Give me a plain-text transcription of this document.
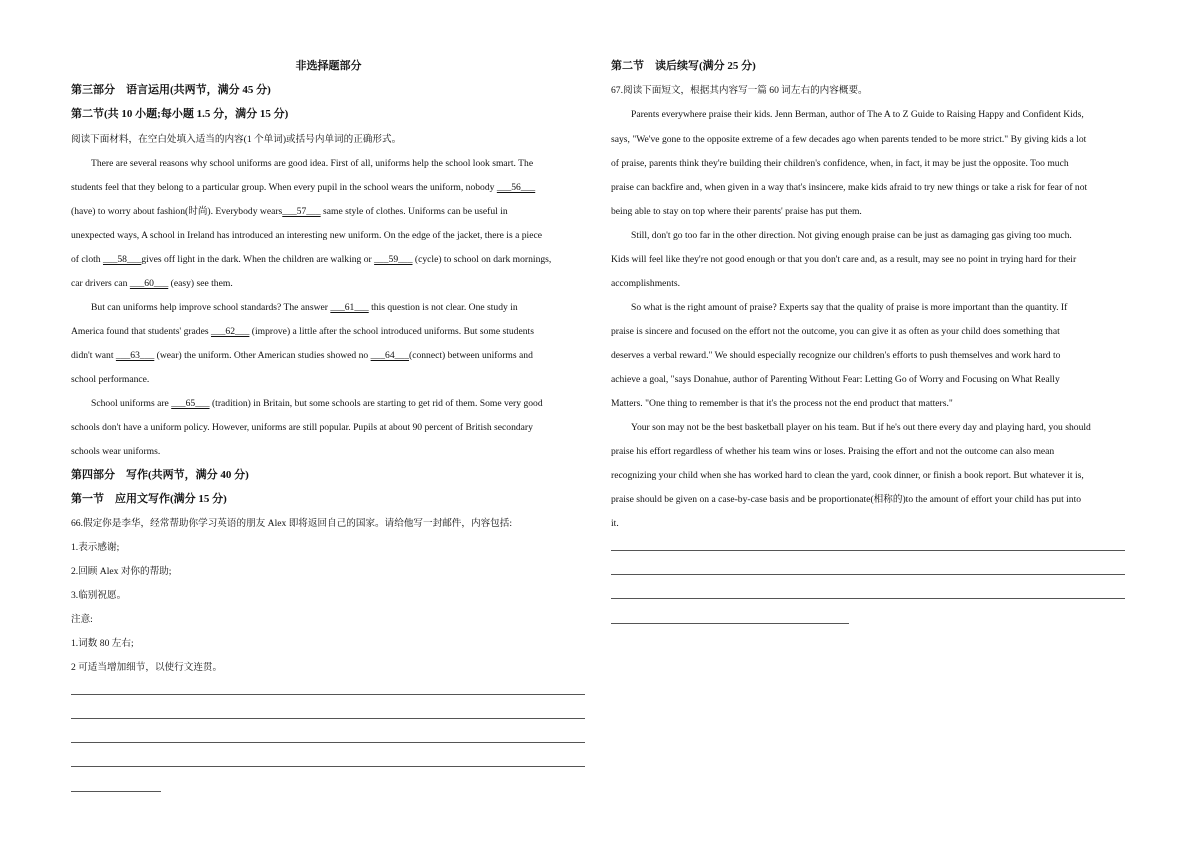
非选择题部分
第三部分　语言运用(共两节，满分 45 分)
第二节(共 10 小题;每小题 1.5 分，满分 15 分)
阅读下面材料，在空白处填入适当的内容(1 个单词)或括号内单词的正确形式。
There are several reasons why school uniforms are good idea. First of all, uniforms help the school look smart. The
students feel that they belong to a particular group. When every pupil in the school wears the uniform, nobody ___56___
(have) to worry about fashion(时尚). Everybody wears___57___ same style of clothes. Uniforms can be useful in
unexpected ways, A school in Ireland has introduced an interesting new uniform. On the edge of the jacket, there is a piece
of cloth ___58___gives off light in the dark. When the children are walking or ___59___ (cycle) to school on dark mornings,
car drivers can ___60___ (easy) see them.
But can uniforms help improve school standards? The answer ___61___ this question is not clear. One study in
America found that students' grades ___62___ (improve) a little after the school introduced uniforms. But some students
didn't want ___63___ (wear) the uniform. Other American studies showed no ___64___(connect) between uniforms and
school performance.
School uniforms are ___65___ (tradition) in Britain, but some schools are starting to get rid of them. Some very good
schools don't have a uniform policy. However, uniforms are still popular. Pupils at about 90 percent of British secondary
schools wear uniforms.
第四部分　写作(共两节，满分 40 分)
第一节　应用文写作(满分 15 分)
66.假定你是李华，经常帮助你学习英语的朋友 Alex 即将返回自己的国家。请给他写一封邮件，内容包括:
1.表示感谢;
2.回顾 Alex 对你的帮助;
3.临别祝愿。
注意:
1.词数 80 左右;
2 可适当增加细节，以使行文连贯。
第二节　读后续写(满分 25 分)
67.阅读下面短文，根据其内容写一篇 60 词左右的内容概要。
Parents everywhere praise their kids. Jenn Berman, author of The A to Z Guide to Raising Happy and Confident Kids,
says, "We've gone to the opposite extreme of a few decades ago when parents tended to be more strict." By giving kids a lot
of praise, parents think they're building their children's confidence, when, in fact, it may be just the opposite. Too much
praise can backfire and, when given in a way that's insincere, make kids afraid to try new things or take a risk for fear of not
being able to stay on top where their parents' praise has put them.
Still, don't go too far in the other direction. Not giving enough praise can be just as damaging gas giving too much.
Kids will feel like they're not good enough or that you don't care and, as a result, may see no point in trying hard for their
accomplishments.
So what is the right amount of praise? Experts say that the quality of praise is more important than the quantity. If
praise is sincere and focused on the effort not the outcome, you can give it as often as your child does something that
deserves a verbal reward." We should especially recognize our children's efforts to push themselves and work hard to
achieve a goal, "says Donahue, author of Parenting Without Fear: Letting Go of Worry and Focusing on What Really
Matters. "One thing to remember is that it's the process not the end product that matters."
Your son may not be the best basketball player on his team. But if he's out there every day and playing hard, you should
praise his effort regardless of whether his team wins or loses. Praising the effort and not the outcome can also mean
recognizing your child when she has worked hard to clean the yard, cook dinner, or finish a book report. But whatever it is,
praise should be given on a case-by-case basis and be proportionate(相称的)to the amount of effort your child has put into
it.
